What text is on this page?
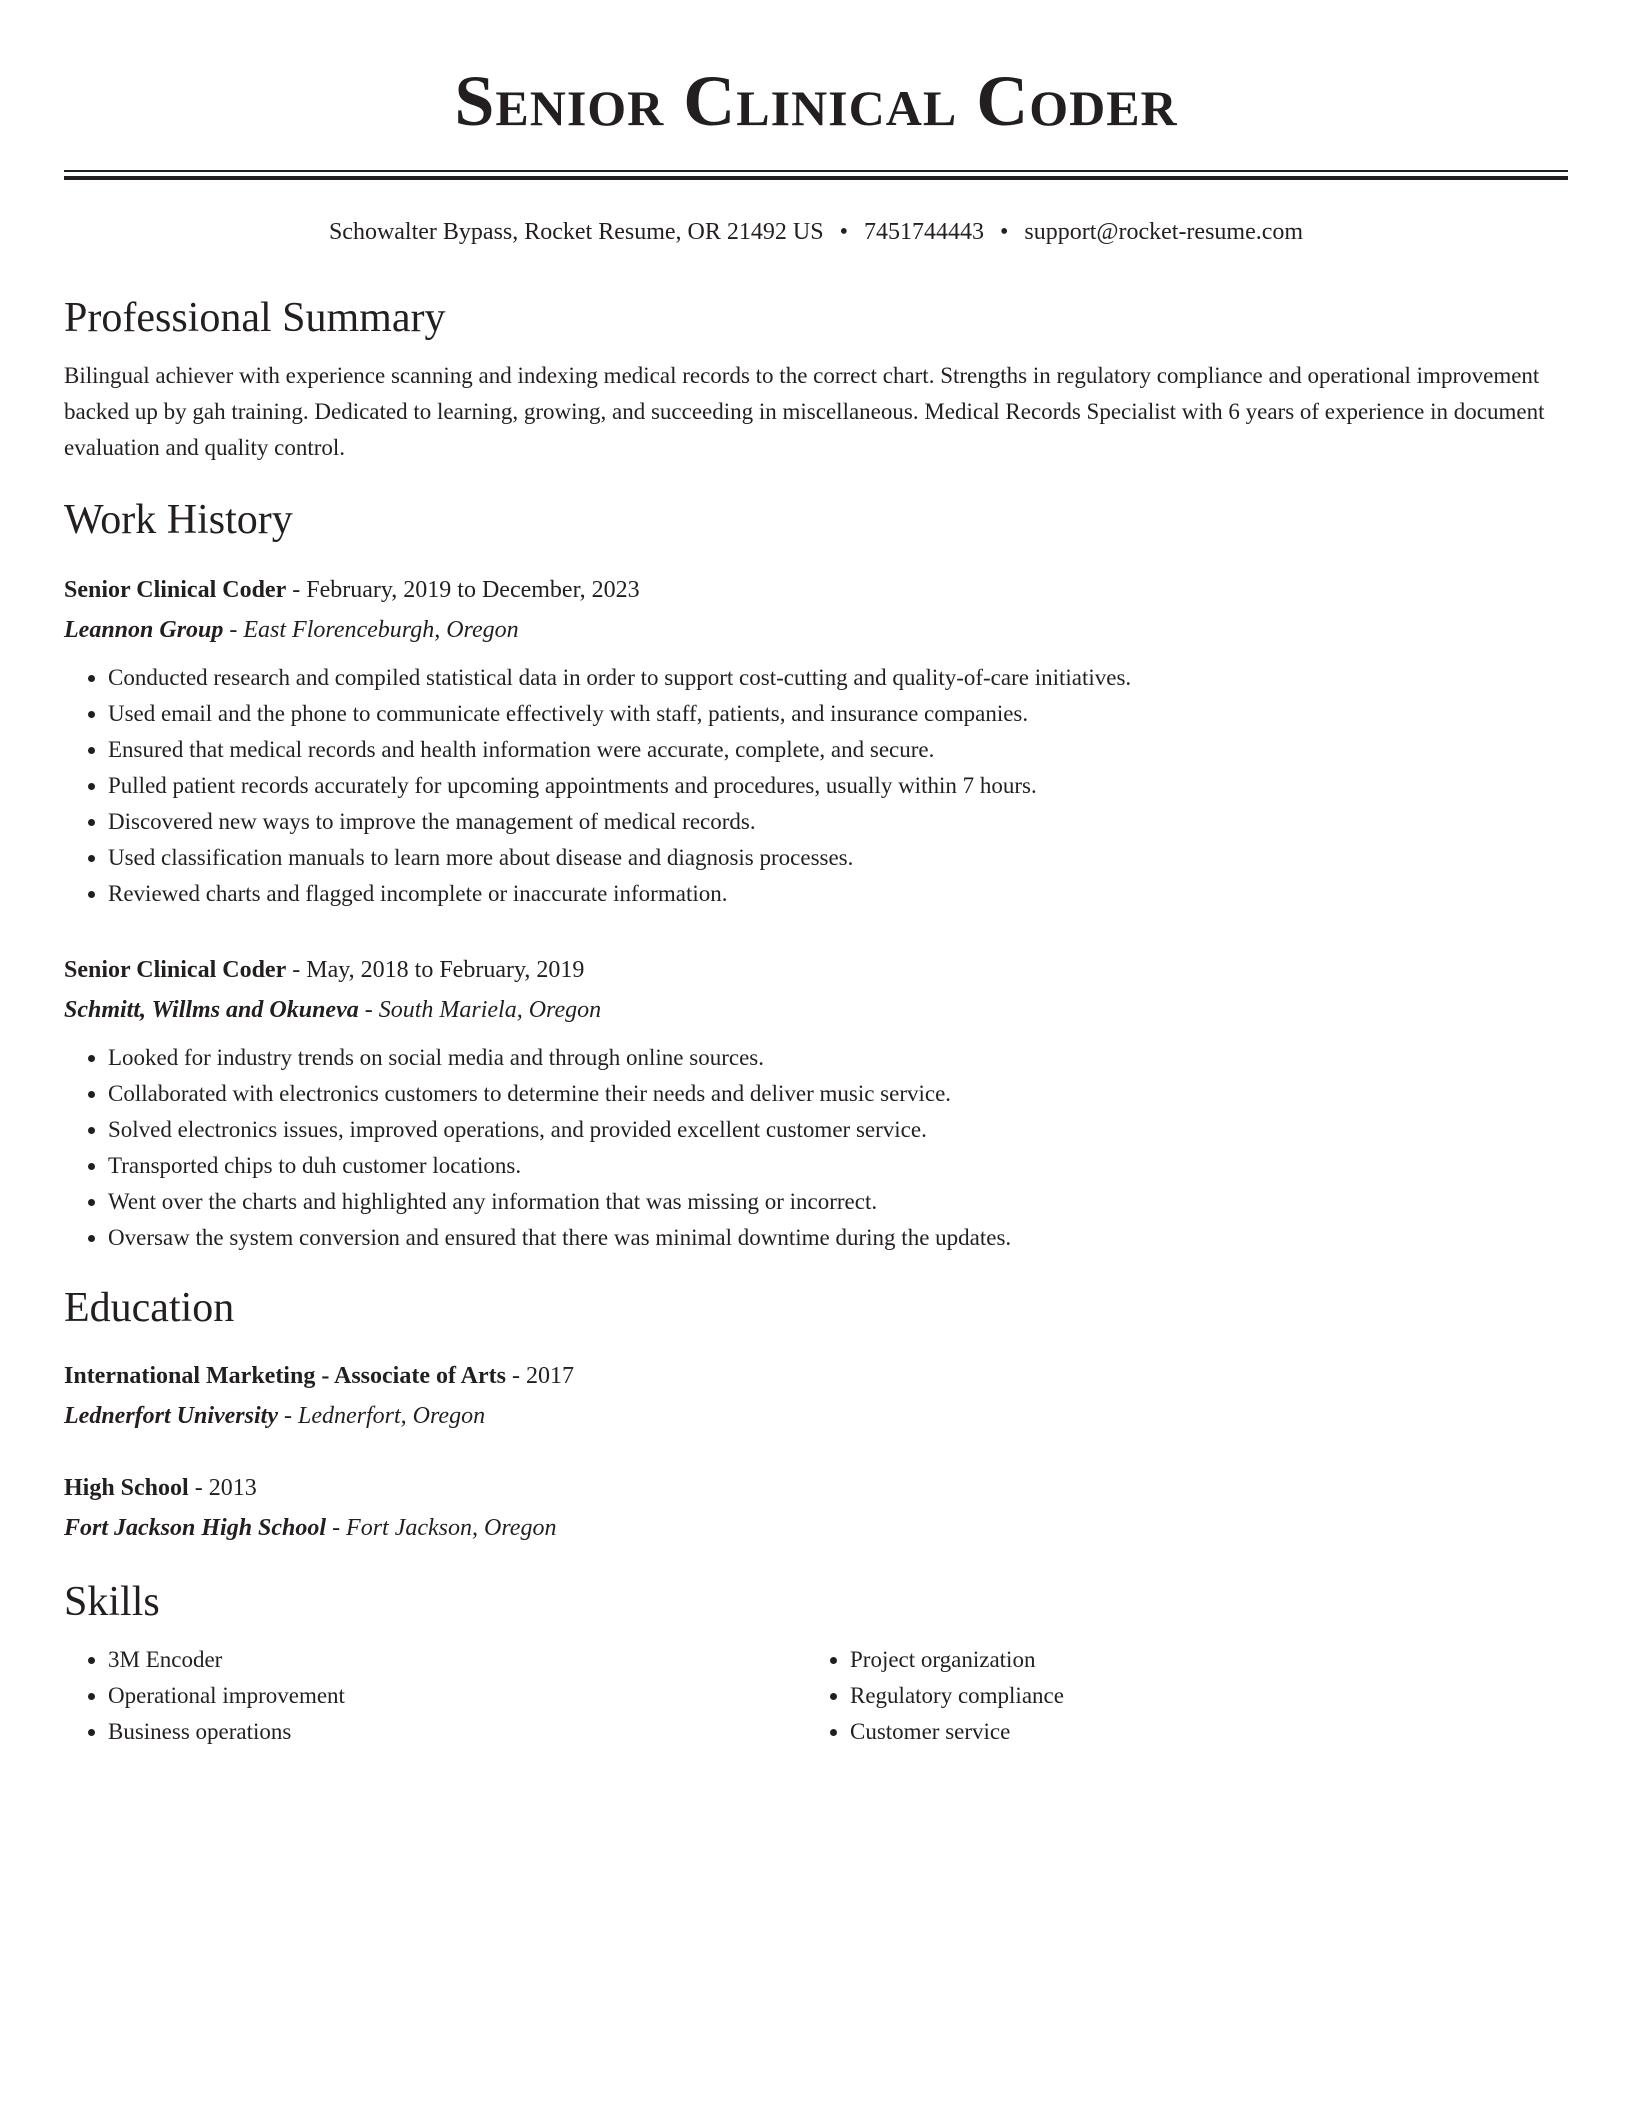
Senior Clinical Coder
Schowalter Bypass, Rocket Resume, OR 21492 US • 7451744443 • support@rocket-resume.com
Professional Summary
Bilingual achiever with experience scanning and indexing medical records to the correct chart. Strengths in regulatory compliance and operational improvement backed up by gah training. Dedicated to learning, growing, and succeeding in miscellaneous. Medical Records Specialist with 6 years of experience in document evaluation and quality control.
Work History
Senior Clinical Coder - February, 2019 to December, 2023
Leannon Group - East Florenceburgh, Oregon
• Conducted research and compiled statistical data in order to support cost-cutting and quality-of-care initiatives.
• Used email and the phone to communicate effectively with staff, patients, and insurance companies.
• Ensured that medical records and health information were accurate, complete, and secure.
• Pulled patient records accurately for upcoming appointments and procedures, usually within 7 hours.
• Discovered new ways to improve the management of medical records.
• Used classification manuals to learn more about disease and diagnosis processes.
• Reviewed charts and flagged incomplete or inaccurate information.
Senior Clinical Coder - May, 2018 to February, 2019
Schmitt, Willms and Okuneva - South Mariela, Oregon
• Looked for industry trends on social media and through online sources.
• Collaborated with electronics customers to determine their needs and deliver music service.
• Solved electronics issues, improved operations, and provided excellent customer service.
• Transported chips to duh customer locations.
• Went over the charts and highlighted any information that was missing or incorrect.
• Oversaw the system conversion and ensured that there was minimal downtime during the updates.
Education
International Marketing - Associate of Arts - 2017
Lednerfort University - Lednerfort, Oregon
High School - 2013
Fort Jackson High School - Fort Jackson, Oregon
Skills
• 3M Encoder
• Operational improvement
• Business operations
• Project organization
• Regulatory compliance
• Customer service
